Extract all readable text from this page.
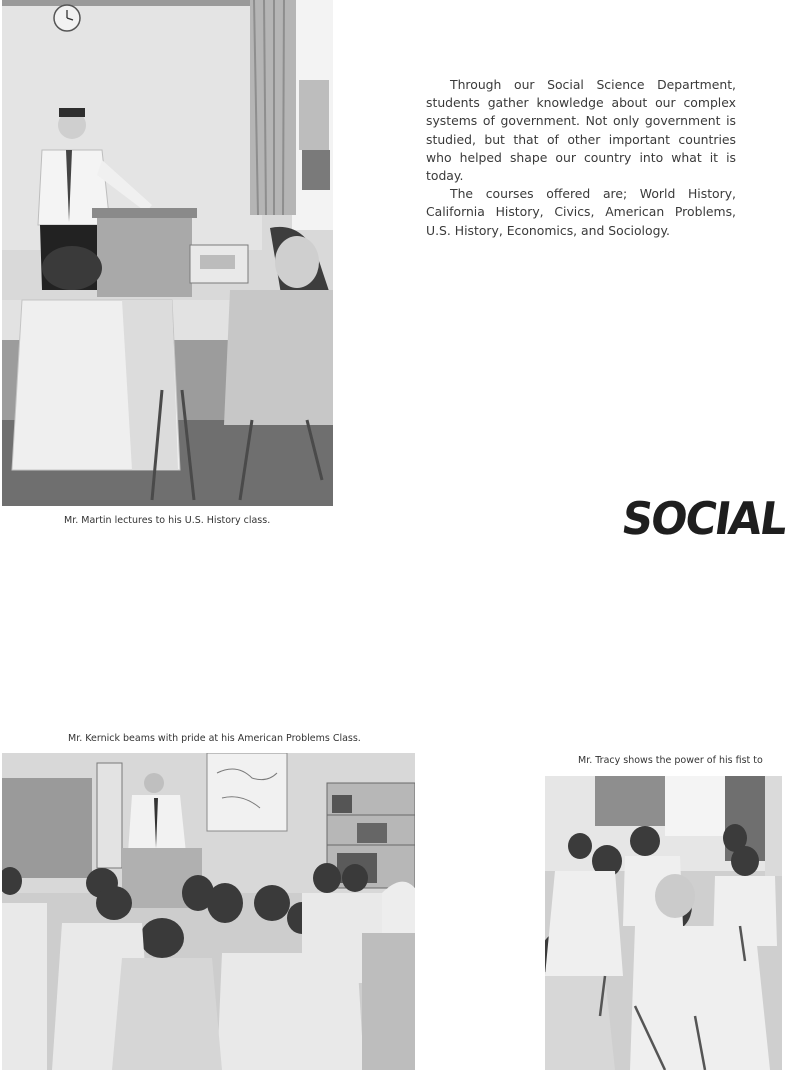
Mr. Martin lectures to his U.S. History class.

Through our Social Science Department, students gather knowledge about our complex systems of government. Not only government is studied, but that of other important countries who helped shape our country into what it is today.

The courses offered are; World History, California History, Civics, American Problems, U.S. History, Economics, and Sociology.

SOCIAL
Mr. Kernick beams with pride at his American Problems Class.
Mr. Tracy shows the power of his fist to
